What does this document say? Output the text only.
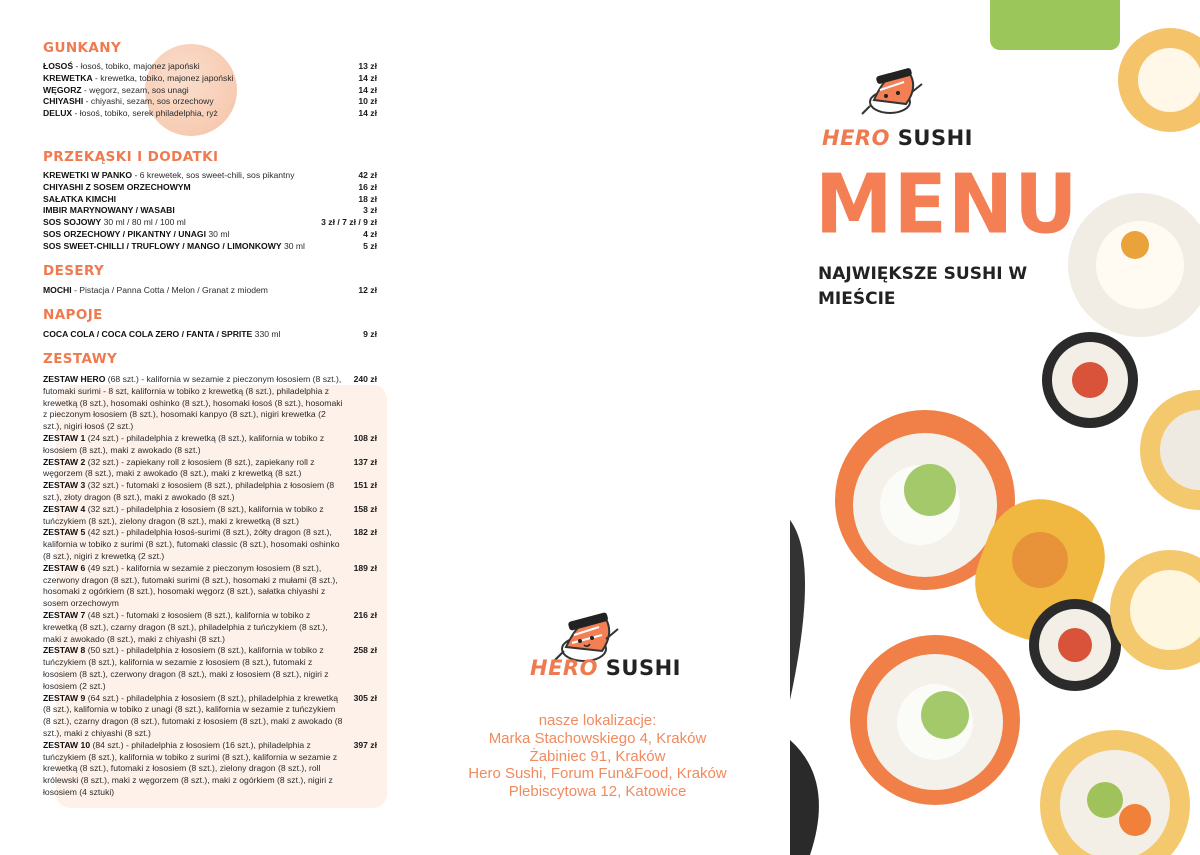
GUNKANY
ŁOSOŚ - łosoś, tobiko, majonez japoński	13 zł
KREWETKA - krewetka, tobiko, majonez japoński	14 zł
WĘGORZ - węgorz, sezam, sos unagi	14 zł
CHIYASHI - chiyashi, sezam, sos orzechowy	10 zł
DELUX - łosoś, tobiko, serek philadelphia, ryż	14 zł
PRZEKĄSKI I DODATKI
KREWETKI W PANKO - 6 krewetek, sos sweet-chili, sos pikantny	42 zł
CHIYASHI Z SOSEM ORZECHOWYM	16 zł
SAŁATKA KIMCHI	18 zł
IMBIR MARYNOWANY / WASABI	3 zł
SOS SOJOWY 30 ml / 80 ml / 100 ml	3 zł / 7 zł / 9 zł
SOS ORZECHOWY / PIKANTNY / UNAGI 30 ml	4 zł
SOS SWEET-CHILLI / TRUFLOWY / MANGO / LIMONKOWY 30 ml	5 zł
DESERY
MOCHI - Pistacja / Panna Cotta / Melon / Granat z miodem	12 zł
NAPOJE
COCA COLA / COCA COLA ZERO / FANTA / SPRITE 330 ml	9 zł
ZESTAWY
ZESTAW HERO (68 szt.) - kalifornia w sezamie z pieczonym łososiem (8 szt.), futomaki surimi - 8 szt, kalifornia w tobiko z krewetką (8 szt.), philadelphia z krewetką (8 szt.), hosomaki oshinko (8 szt.), hosomaki łosoś (8 szt.), hosomaki z pieczonym łososiem (8 szt.), hosomaki kanpyo (8 szt.), nigiri krewetka (2 szt.), nigiri łosoś (2 szt.)
240 zł
ZESTAW 1 (24 szt.) - philadelphia z krewetką (8 szt.), kalifornia w tobiko z łososiem (8 szt.), maki z awokado (8 szt.)
108 zł
ZESTAW 2 (32 szt.) - zapiekany roll z łososiem (8 szt.), zapiekany roll z węgorzem (8 szt.), maki z awokado (8 szt.), maki z krewetką (8 szt.)
137 zł
ZESTAW 3 (32 szt.) - futomaki z łososiem (8 szt.), philadelphia z łososiem (8 szt.), złoty dragon (8 szt.), maki z awokado (8 szt.)
151 zł
ZESTAW 4 (32 szt.) - philadelphia z łososiem (8 szt.), kalifornia w tobiko z tuńczykiem (8 szt.), zielony dragon (8 szt.), maki z krewetką (8 szt.)
158 zł
ZESTAW 5 (42 szt.) - philadelphia łosoś-surimi (8 szt.), żółty dragon (8 szt.), kalifornia w tobiko z surimi (8 szt.), futomaki classic (8 szt.), hosomaki oshinko (8 szt.), nigiri z krewetką (2 szt.)
182 zł
ZESTAW 6 (49 szt.) - kalifornia w sezamie z pieczonym łososiem (8 szt.), czerwony dragon (8 szt.), futomaki surimi (8 szt.), hosomaki z mułami (8 szt.), hosomaki z ogórkiem (8 szt.), hosomaki węgorz (8 szt.), sałatka chiyashi z sosem orzechowym
189 zł
ZESTAW 7 (48 szt.) - futomaki z łososiem (8 szt.), kalifornia w tobiko z krewetką (8 szt.), czarny dragon (8 szt.), philadelphia z tuńczykiem (8 szt.), maki z awokado (8 szt.), maki z chiyashi (8 szt.)
216 zł
ZESTAW 8 (50 szt.) - philadelphia z łososiem (8 szt.), kalifornia w tobiko z tuńczykiem (8 szt.), kalifornia w sezamie z łososiem (8 szt.), futomaki z łososiem (8 szt.), czerwony dragon (8 szt.), maki z łososiem (8 szt.), nigiri z łososiem (2 szt.)
258 zł
ZESTAW 9 (64 szt.) - philadelphia z łososiem (8 szt.), philadelphia z krewetką (8 szt.), kalifornia w tobiko z unagi (8 szt.), kalifornia w sezamie z tuńczykiem (8 szt.), czarny dragon (8 szt.), futomaki z łososiem (8 szt.), maki z awokado (8 szt.), maki z chiyashi (8 szt.)
305 zł
ZESTAW 10 (84 szt.) - philadelphia z łososiem (16 szt.), philadelphia z tuńczykiem (8 szt.), kalifornia w tobiko z surimi (8 szt.), kalifornia w sezamie z krewetką (8 szt.), futomaki z łososiem (8 szt.), zielony dragon (8 szt.), roll królewski (8 szt.), maki z węgorzem (8 szt.), maki z ogórkiem (8 szt.), nigiri z łososiem (4 sztuki)
397 zł
HERO SUSHI
nasze lokalizacje:
Marka Stachowskiego 4, Kraków
Żabiniec 91, Kraków
Hero Sushi, Forum Fun&Food, Kraków
Plebiscytowa 12, Katowice
HERO SUSHI
MENU
NAJWIĘKSZE SUSHI W MIEŚCIE
